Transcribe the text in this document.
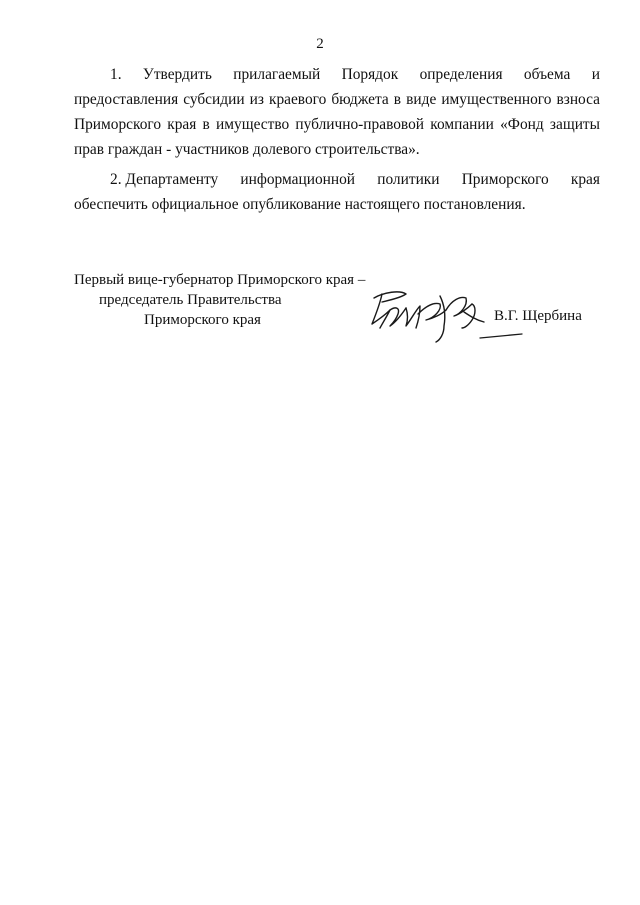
2
1. Утвердить прилагаемый Порядок определения объема и
предоставления субсидии из краевого бюджета в виде имущественного взноса
Приморского края в имущество публично-правовой компании «Фонд защиты
прав граждан - участников долевого строительства».
2. Департаменту информационной политики Приморского края
обеспечить официальное опубликование настоящего постановления.
Первый вице-губернатор Приморского края –
председатель Правительства
Приморского края	В.Г. Щербина
